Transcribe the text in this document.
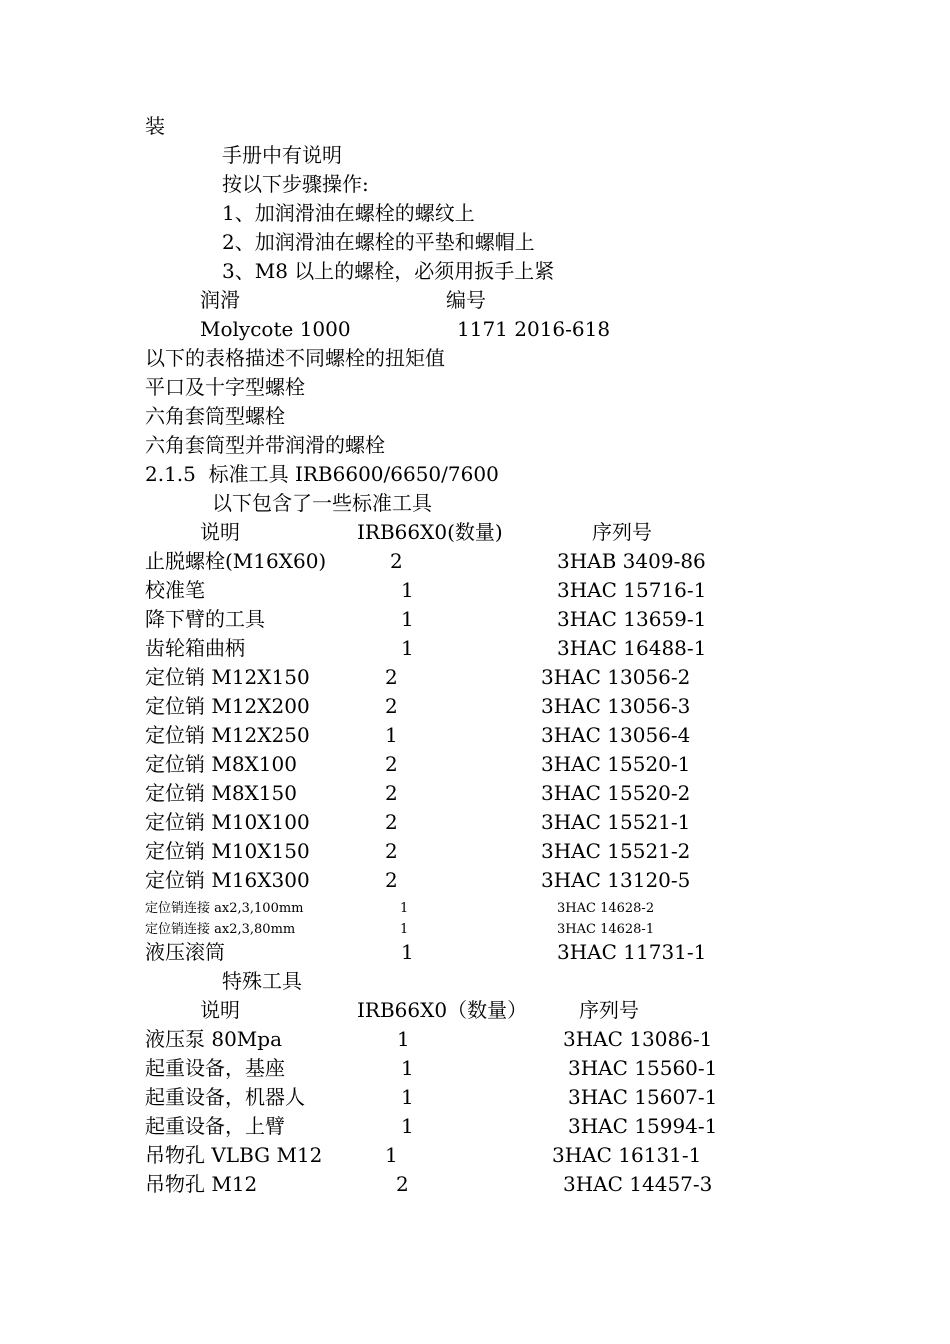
装
手册中有说明
按以下步骤操作:
1、加润滑油在螺栓的螺纹上
2、加润滑油在螺栓的平垫和螺帽上
3、M8 以上的螺栓，必须用扳手上紧
润滑	编号
Molycote 1000	1171 2016-618
以下的表格描述不同螺栓的扭矩值
平口及十字型螺栓
六角套筒型螺栓
六角套筒型并带润滑的螺栓
2.1.5  标准工具 IRB6600/6650/7600
以下包含了一些标准工具
说明	IRB66X0(数量)	序列号
止脱螺栓(M16X60)	2	3HAB 3409-86
校准笔	1	3HAC 15716-1
降下臂的工具	1	3HAC 13659-1
齿轮箱曲柄	1	3HAC 16488-1
定位销 M12X150	2	3HAC 13056-2
定位销 M12X200	2	3HAC 13056-3
定位销 M12X250	1	3HAC 13056-4
定位销 M8X100	2	3HAC 15520-1
定位销 M8X150	2	3HAC 15520-2
定位销 M10X100	2	3HAC 15521-1
定位销 M10X150	2	3HAC 15521-2
定位销 M16X300	2	3HAC 13120-5
定位销连接 ax2,3,100mm	1	3HAC 14628-2
定位销连接 ax2,3,80mm	1	3HAC 14628-1
液压滚筒	1	3HAC 11731-1
特殊工具
说明	IRB66X0（数量）	序列号
液压泵 80Mpa	1	3HAC 13086-1
起重设备，基座	1	3HAC 15560-1
起重设备，机器人	1	3HAC 15607-1
起重设备，上臂	1	3HAC 15994-1
吊物孔 VLBG M12	1	3HAC 16131-1
吊物孔 M12	2	3HAC 14457-3
